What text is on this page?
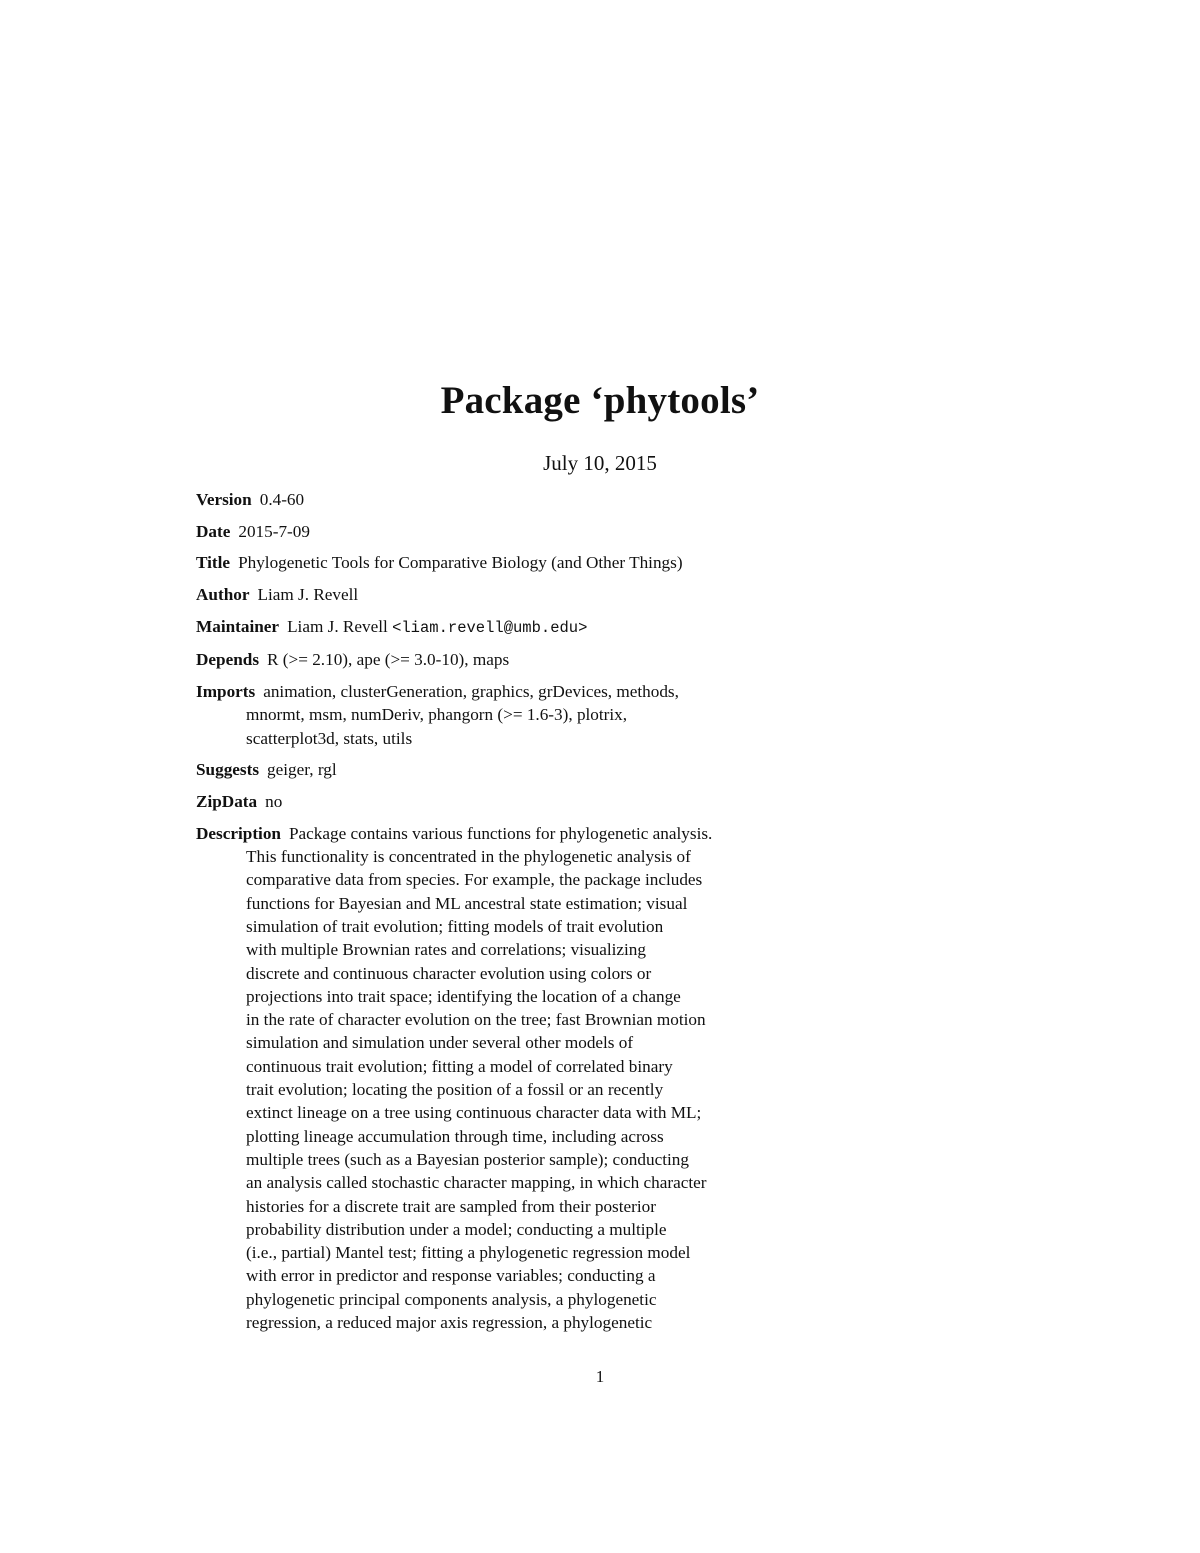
Package ‘phytools’

July 10, 2015

Version 0.4-60
Date 2015-7-09
Title Phylogenetic Tools for Comparative Biology (and Other Things)
Author Liam J. Revell
Maintainer Liam J. Revell <liam.revell@umb.edu>
Depends R (>= 2.10), ape (>= 3.0-10), maps
Imports animation, clusterGeneration, graphics, grDevices, methods,
mnormt, msm, numDeriv, phangorn (>= 1.6-3), plotrix,
scatterplot3d, stats, utils
Suggests geiger, rgl
ZipData no
Description Package contains various functions for phylogenetic analysis.
This functionality is concentrated in the phylogenetic analysis of
comparative data from species. For example, the package includes
functions for Bayesian and ML ancestral state estimation; visual
simulation of trait evolution; fitting models of trait evolution
with multiple Brownian rates and correlations; visualizing
discrete and continuous character evolution using colors or
projections into trait space; identifying the location of a change
in the rate of character evolution on the tree; fast Brownian motion
simulation and simulation under several other models of
continuous trait evolution; fitting a model of correlated binary
trait evolution; locating the position of a fossil or an recently
extinct lineage on a tree using continuous character data with ML;
plotting lineage accumulation through time, including across
multiple trees (such as a Bayesian posterior sample); conducting
an analysis called stochastic character mapping, in which character
histories for a discrete trait are sampled from their posterior
probability distribution under a model; conducting a multiple
(i.e., partial) Mantel test; fitting a phylogenetic regression model
with error in predictor and response variables; conducting a
phylogenetic principal components analysis, a phylogenetic
regression, a reduced major axis regression, a phylogenetic

1
